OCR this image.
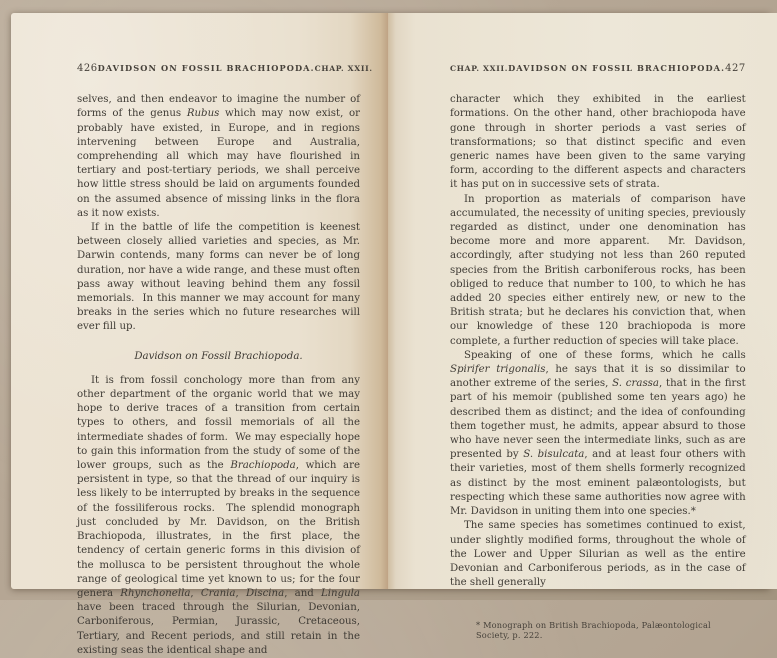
426 DAVIDSON ON FOSSIL BRACHIOPODA. CHAP. XXII.

selves, and then endeavor to imagine the number of forms of the genus Rubus which may now exist, or probably have existed, in Europe, and in regions intervening between Europe and Australia, comprehending all which may have flourished in tertiary and post-tertiary periods, we shall perceive how little stress should be laid on arguments founded on the assumed absence of missing links in the flora as it now exists.

If in the battle of life the competition is keenest between closely allied varieties and species, as Mr. Darwin contends, many forms can never be of long duration, nor have a wide range, and these must often pass away without leaving behind them any fossil memorials.  In this manner we may account for many breaks in the series which no future researches will ever fill up.

Davidson on Fossil Brachiopoda.

It is from fossil conchology more than from any other department of the organic world that we may hope to derive traces of a transition from certain types to others, and fossil memorials of all the intermediate shades of form.  We may especially hope to gain this information from the study of some of the lower groups, such as the Brachiopoda, which are persistent in type, so that the thread of our inquiry is less likely to be interrupted by breaks in the sequence of the fossiliferous rocks.  The splendid monograph just concluded by Mr. Davidson, on the British Brachiopoda, illustrates, in the first place, the tendency of certain generic forms in this division of the mollusca to be persistent throughout the whole range of geological time yet known to us; for the four genera Rhynchonella, Crania, Discina, and Lingula have been traced through the Silurian, Devonian, Carboniferous, Permian, Jurassic, Cretaceous, Tertiary, and Recent periods, and still retain in the existing seas the identical shape and

CHAP. XXII. DAVIDSON ON FOSSIL BRACHIOPODA. 427

character which they exhibited in the earliest formations. On the other hand, other brachiopoda have gone through in shorter periods a vast series of transformations; so that distinct specific and even generic names have been given to the same varying form, according to the different aspects and characters it has put on in successive sets of strata.

In proportion as materials of comparison have accumulated, the necessity of uniting species, previously regarded as distinct, under one denomination has become more and more apparent.  Mr. Davidson, accordingly, after studying not less than 260 reputed species from the British carboniferous rocks, has been obliged to reduce that number to 100, to which he has added 20 species either entirely new, or new to the British strata; but he declares his conviction that, when our knowledge of these 120 brachiopoda is more complete, a further reduction of species will take place.

Speaking of one of these forms, which he calls Spirifer trigonalis, he says that it is so dissimilar to another extreme of the series, S. crassa, that in the first part of his memoir (published some ten years ago) he described them as distinct; and the idea of confounding them together must, he admits, appear absurd to those who have never seen the intermediate links, such as are presented by S. bisulcata, and at least four others with their varieties, most of them shells formerly recognized as distinct by the most eminent palæontologists, but respecting which these same authorities now agree with Mr. Davidson in uniting them into one species.*

The same species has sometimes continued to exist, under slightly modified forms, throughout the whole of the Lower and Upper Silurian as well as the entire Devonian and Carboniferous periods, as in the case of the shell generally

* Monograph on British Brachiopoda, Palæontological Society, p. 222.
